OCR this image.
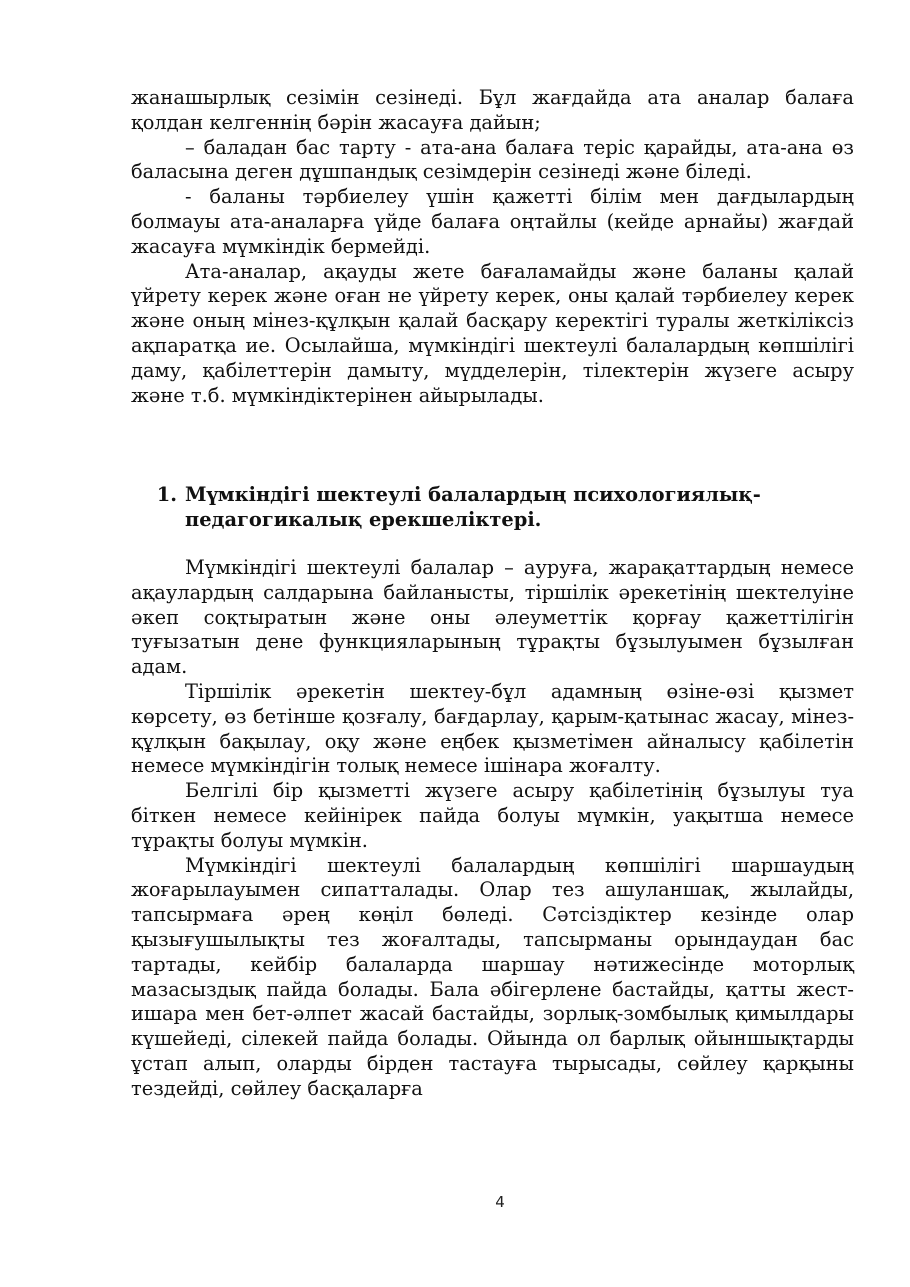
жанашырлық сезімін сезінеді. Бұл жағдайда ата аналар балаға қолдан келгеннің бәрін жасауға дайын;

– баладан бас тарту - ата-ана балаға теріс қарайды, ата-ана өз баласына деген дұшпандық сезімдерін сезінеді және біледі.

- баланы тәрбиелеу үшін қажетті білім мен дағдылардың болмауы ата-аналарға үйде балаға оңтайлы (кейде арнайы) жағдай жасауға мүмкіндік бермейді.

Ата-аналар, ақауды жете бағаламайды және баланы қалай үйрету керек және оған не үйрету керек, оны қалай тәрбиелеу керек және оның мінез-құлқын қалай басқару керектігі туралы жеткіліксіз ақпаратқа ие. Осылайша, мүмкіндігі шектеулі балалардың көпшілігі даму, қабілеттерін дамыту, мүдделерін, тілектерін жүзеге асыру және т.б. мүмкіндіктерінен айырылады.

1. Мүмкіндігі шектеулі балалардың психологиялық-педагогикалық ерекшеліктері.

Мүмкіндігі шектеулі балалар – ауруға, жарақаттардың немесе ақаулардың салдарына байланысты, тіршілік әрекетінің шектелуіне әкеп соқтыратын және оны әлеуметтік қорғау қажеттілігін туғызатын дене функцияларының тұрақты бұзылуымен бұзылған адам.

Тіршілік әрекетін шектеу-бұл адамның өзіне-өзі қызмет көрсету, өз бетінше қозғалу, бағдарлау, қарым-қатынас жасау, мінез-құлқын бақылау, оқу және еңбек қызметімен айналысу қабілетін немесе мүмкіндігін толық немесе ішінара жоғалту.

Белгілі бір қызметті жүзеге асыру қабілетінің бұзылуы туа біткен немесе кейінірек пайда болуы мүмкін, уақытша немесе тұрақты болуы мүмкін.

Мүмкіндігі шектеулі балалардың көпшілігі шаршаудың жоғарылауымен сипатталады. Олар тез ашуланшақ, жылайды, тапсырмаға әрең көңіл бөледі. Сәтсіздіктер кезінде олар қызығушылықты тез жоғалтады, тапсырманы орындаудан бас тартады, кейбір балаларда шаршау нәтижесінде моторлық мазасыздық пайда болады. Бала әбігерлене бастайды, қатты жест-ишара мен бет-әлпет жасай бастайды, зорлық-зомбылық қимылдары күшейеді, сілекей пайда болады. Ойында ол барлық ойыншықтарды ұстап алып, оларды бірден тастауға тырысады, сөйлеу қарқыны тездейді, сөйлеу басқаларға

4
